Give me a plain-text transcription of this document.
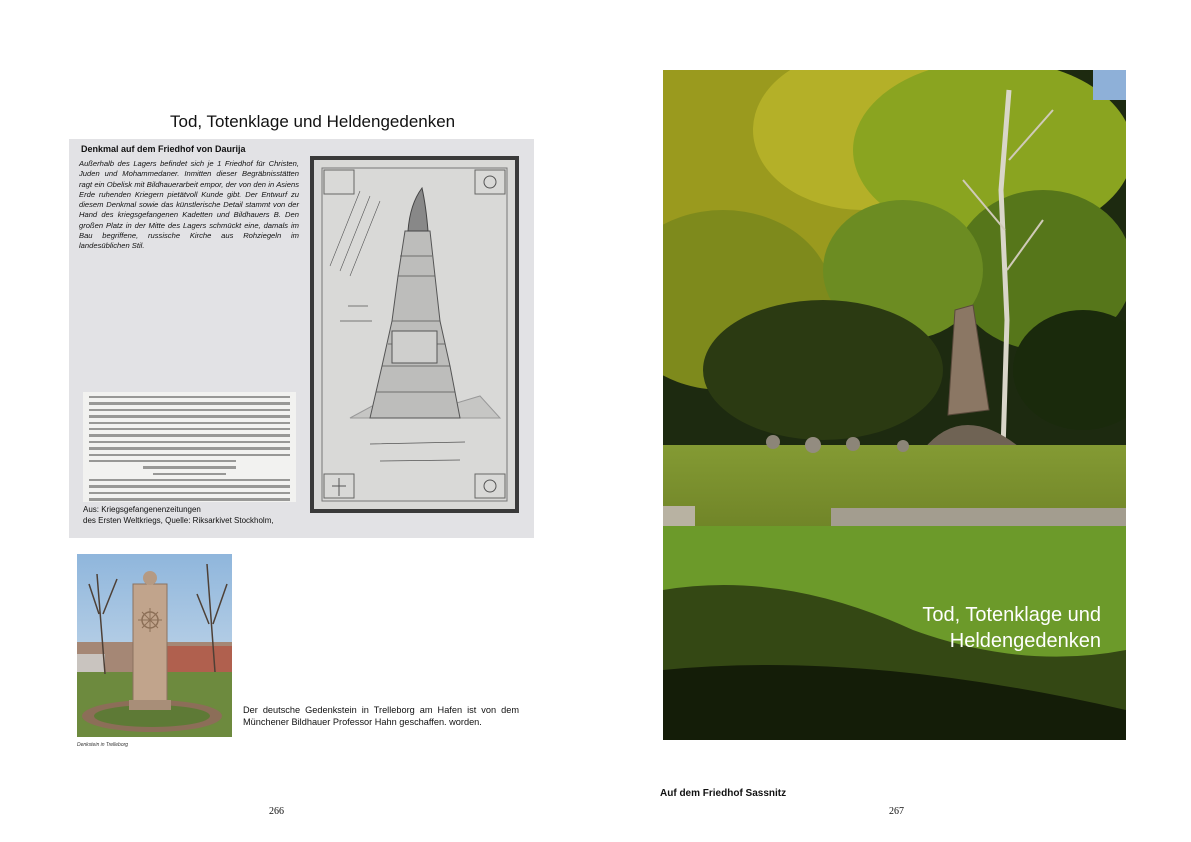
Tod, Totenklage und Heldengedenken
Denkmal auf dem Friedhof von Daurija
Außerhalb des Lagers befindet sich je 1 Friedhof für Christen, Juden und Mohammedaner. Inmitten dieser Begräbnisstätten ragt ein Obelisk mit Bildhauerarbeit empor, der von den in Asiens Erde ruhenden Kriegern pietätvoll Kunde gibt. Der Entwurf zu diesem Denkmal sowie das künstlerische Detail stammt von der Hand des kriegsgefangenen Kadetten und Bildhauers B. Den großen Platz in der Mitte des Lagers schmückt eine, damals im Bau begriffene, russische Kirche aus Rohziegeln im landesüblichen Stil.
Aus: Kriegsgefangenenzeitungen
des Ersten Weltkriegs, Quelle: Riksarkivet Stockholm,
Denkstein in Trelleborg
Der deutsche Gedenkstein in Trelleborg am Hafen ist von dem Münchener Bildhauer Professor Hahn geschaffen. worden.
266
Tod, Totenklage und
Heldengedenken
Auf dem Friedhof Sassnitz
267
